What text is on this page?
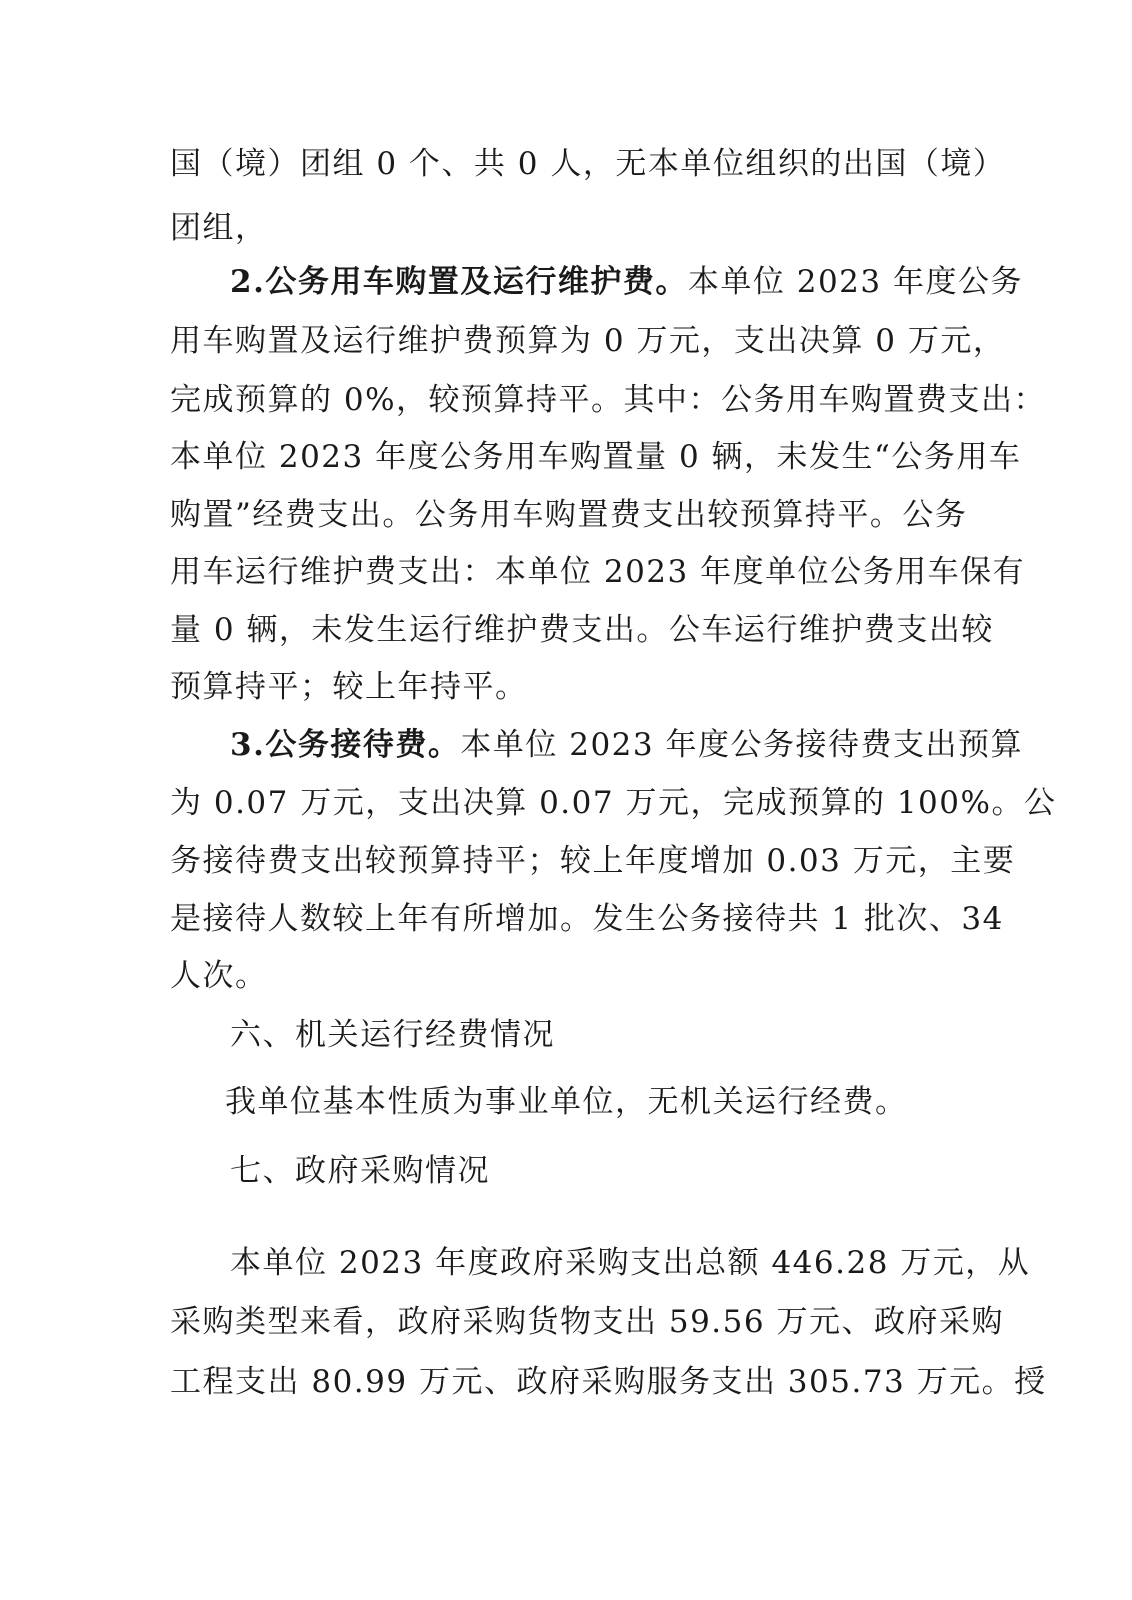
国（境）团组 0 个、共 0 人，无本单位组织的出国（境）
团组，
2.公务用车购置及运行维护费。本单位 2023 年度公务
用车购置及运行维护费预算为 0 万元，支出决算 0 万元，
完成预算的 0%，较预算持平。其中：公务用车购置费支出：
本单位 2023 年度公务用车购置量 0 辆，未发生“公务用车
购置”经费支出。公务用车购置费支出较预算持平。公务
用车运行维护费支出：本单位 2023 年度单位公务用车保有
量 0 辆，未发生运行维护费支出。公车运行维护费支出较
预算持平；较上年持平。
3.公务接待费。本单位 2023 年度公务接待费支出预算
为 0.07 万元，支出决算 0.07 万元，完成预算的 100%。公
务接待费支出较预算持平；较上年度增加 0.03 万元，主要
是接待人数较上年有所增加。发生公务接待共 1 批次、34
人次。
六、机关运行经费情况
我单位基本性质为事业单位，无机关运行经费。
七、政府采购情况
本单位 2023 年度政府采购支出总额 446.28 万元，从
采购类型来看，政府采购货物支出 59.56 万元、政府采购
工程支出 80.99 万元、政府采购服务支出 305.73 万元。授
